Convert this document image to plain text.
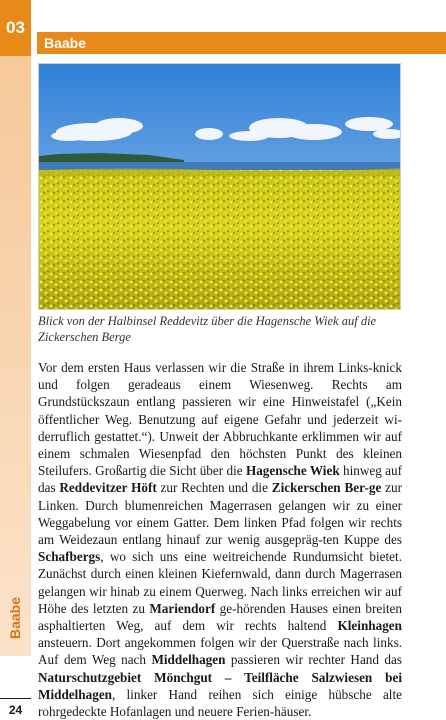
03
Baabe
24
Baabe
Blick von der Halbinsel Reddevitz über die Hagensche Wiek auf die Zickerschen Berge

Vor dem ersten Haus verlassen wir die Straße in ihrem Links-knick und folgen geradeaus einem Wiesenweg. Rechts am Grundstückszaun entlang passieren wir eine Hinweistafel („Kein öffentlicher Weg. Benutzung auf eigene Gefahr und jederzeit wi-derruflich gestattet.“). Unweit der Abbruchkante erklimmen wir auf einem schmalen Wiesenpfad den höchsten Punkt des kleinen Steilufers. Großartig die Sicht über die Hagensche Wiek hinweg auf das Reddevitzer Höft zur Rechten und die Zickerschen Ber-ge zur Linken. Durch blumenreichen Magerrasen gelangen wir zu einer Weggabelung vor einem Gatter. Dem linken Pfad folgen wir rechts am Weidezaun entlang hinauf zur wenig ausgepräg-ten Kuppe des Schafbergs, wo sich uns eine weitreichende Rundumsicht bietet. Zunächst durch einen kleinen Kiefernwald, dann durch Magerrasen gelangen wir hinab zu einem Querweg. Nach links erreichen wir auf Höhe des letzten zu Mariendorf ge-hörenden Hauses einen breiten asphaltierten Weg, auf dem wir rechts haltend Kleinhagen ansteuern. Dort angekommen folgen wir der Querstraße nach links. Auf dem Weg nach Middelhagen passieren wir rechter Hand das Naturschutzgebiet Mönchgut – Teilfläche Salzwiesen bei Middelhagen, linker Hand reihen sich einige hübsche alte rohrgedeckte Hofanlagen und neuere Ferien-häuser.
